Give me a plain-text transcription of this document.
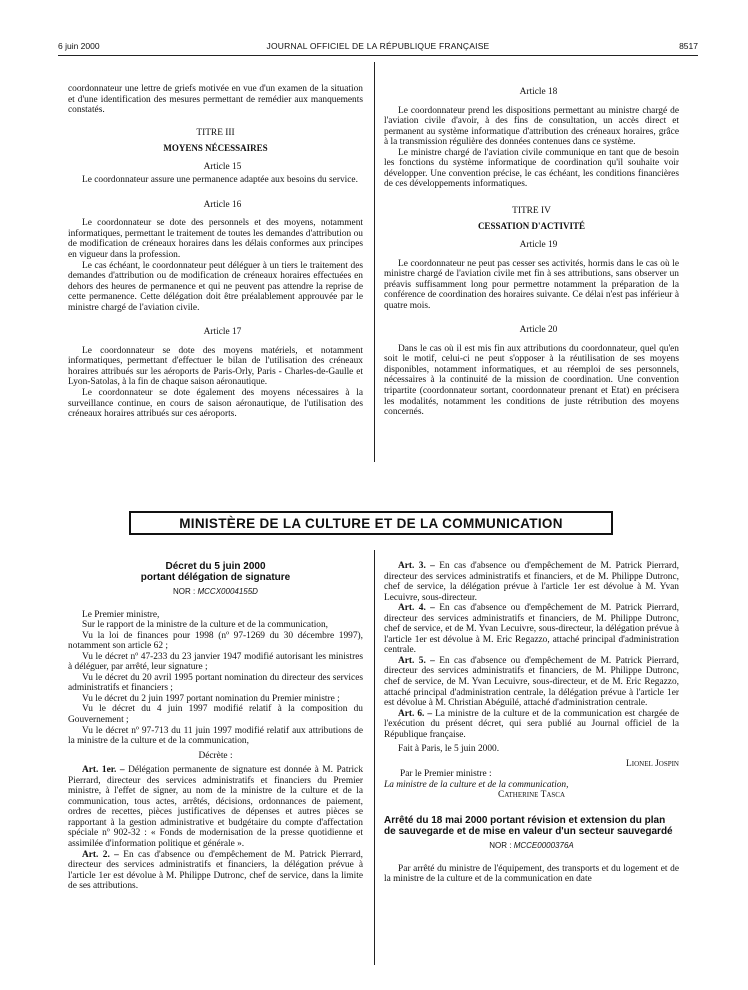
JOURNAL OFFICIEL DE LA RÉPUBLIQUE FRANÇAISE
6 juin 2000	8517

coordonnateur une lettre de griefs motivée en vue d'un examen de la situation et d'une identification des mesures permettant de remédier aux manquements constatés.

TITRE III

MOYENS NÉCESSAIRES

Article 15

Le coordonnateur assure une permanence adaptée aux besoins du service.

Article 16

Le coordonnateur se dote des personnels et des moyens, notamment informatiques, permettant le traitement de toutes les demandes d'attribution ou de modification de créneaux horaires dans les délais conformes aux principes en vigueur dans la profession.

Le cas échéant, le coordonnateur peut déléguer à un tiers le traitement des demandes d'attribution ou de modification de créneaux horaires effectuées en dehors des heures de permanence et qui ne peuvent pas attendre la reprise de cette permanence. Cette délégation doit être préalablement approuvée par le ministre chargé de l'aviation civile.

Article 17

Le coordonnateur se dote des moyens matériels, et notamment informatiques, permettant d'effectuer le bilan de l'utilisation des créneaux horaires attribués sur les aéroports de Paris-Orly, Paris - Charles-de-Gaulle et Lyon-Satolas, à la fin de chaque saison aéronautique.

Le coordonnateur se dote également des moyens nécessaires à la surveillance continue, en cours de saison aéronautique, de l'utilisation des créneaux horaires attribués sur ces aéroports.

Article 18

Le coordonnateur prend les dispositions permettant au ministre chargé de l'aviation civile d'avoir, à des fins de consultation, un accès direct et permanent au système informatique d'attribution des créneaux horaires, grâce à la transmission régulière des données contenues dans ce système.

Le ministre chargé de l'aviation civile communique en tant que de besoin les fonctions du système informatique de coordination qu'il souhaite voir développer. Une convention précise, le cas échéant, les conditions financières de ces développements informatiques.

TITRE IV

CESSATION D'ACTIVITÉ

Article 19

Le coordonnateur ne peut pas cesser ses activités, hormis dans le cas où le ministre chargé de l'aviation civile met fin à ses attributions, sans observer un préavis suffisamment long pour permettre notamment la préparation de la conférence de coordination des horaires suivante. Ce délai n'est pas inférieur à quatre mois.

Article 20

Dans le cas où il est mis fin aux attributions du coordonnateur, quel qu'en soit le motif, celui-ci ne peut s'opposer à la réutilisation de ses moyens disponibles, notamment informatiques, et au réemploi de ses personnels, nécessaires à la continuité de la mission de coordination. Une convention tripartite (coordonnateur sortant, coordonnateur prenant et Etat) en précisera les modalités, notamment les conditions de juste rétribution des moyens concernés.

MINISTÈRE DE LA CULTURE ET DE LA COMMUNICATION
Décret du 5 juin 2000
portant délégation de signature
NOR : MCCX0004155D

Le Premier ministre,

Sur le rapport de la ministre de la culture et de la communication,

Vu la loi de finances pour 1998 (nº 97-1269 du 30 décembre 1997), notamment son article 62 ;

Vu le décret nº 47-233 du 23 janvier 1947 modifié autorisant les ministres à déléguer, par arrêté, leur signature ;

Vu le décret du 20 avril 1995 portant nomination du directeur des services administratifs et financiers ;

Vu le décret du 2 juin 1997 portant nomination du Premier ministre ;

Vu le décret du 4 juin 1997 modifié relatif à la composition du Gouvernement ;

Vu le décret nº 97-713 du 11 juin 1997 modifié relatif aux attributions de la ministre de la culture et de la communication,

Décrète :

Art. 1er. – Délégation permanente de signature est donnée à M. Patrick Pierrard, directeur des services administratifs et financiers du Premier ministre, à l'effet de signer, au nom de la ministre de la culture et de la communication, tous actes, arrêtés, décisions, ordonnances de paiement, ordres de recettes, pièces justificatives de dépenses et autres pièces se rapportant à la gestion administrative et budgétaire du compte d'affectation spéciale nº 902-32 : « Fonds de modernisation de la presse quotidienne et assimilée d'information politique et générale ».

Art. 2. – En cas d'absence ou d'empêchement de M. Patrick Pierrard, directeur des services administratifs et financiers, la délégation prévue à l'article 1er est dévolue à M. Philippe Dutronc, chef de service, dans la limite de ses attributions.

Art. 3. – En cas d'absence ou d'empêchement de M. Patrick Pierrard, directeur des services administratifs et financiers, et de M. Philippe Dutronc, chef de service, la délégation prévue à l'article 1er est dévolue à M. Yvan Lecuivre, sous-directeur.

Art. 4. – En cas d'absence ou d'empêchement de M. Patrick Pierrard, directeur des services administratifs et financiers, de M. Philippe Dutronc, chef de service, et de M. Yvan Lecuivre, sous-directeur, la délégation prévue à l'article 1er est dévolue à M. Eric Regazzo, attaché principal d'administration centrale.

Art. 5. – En cas d'absence ou d'empêchement de M. Patrick Pierrard, directeur des services administratifs et financiers, de M. Philippe Dutronc, chef de service, de M. Yvan Lecuivre, sous-directeur, et de M. Eric Regazzo, attaché principal d'administration centrale, la délégation prévue à l'article 1er est dévolue à M. Christian Abéguilé, attaché d'administration centrale.

Art. 6. – La ministre de la culture et de la communication est chargée de l'exécution du présent décret, qui sera publié au Journal officiel de la République française.

Fait à Paris, le 5 juin 2000.

Lionel Jospin

Par le Premier ministre :

La ministre de la culture et de la communication,

Catherine Tasca

Arrêté du 18 mai 2000 portant révision et extension du plan de sauvegarde et de mise en valeur d'un secteur sauvegardé
NOR : MCCE0000376A

Par arrêté du ministre de l'équipement, des transports et du logement et de la ministre de la culture et de la communication en date
